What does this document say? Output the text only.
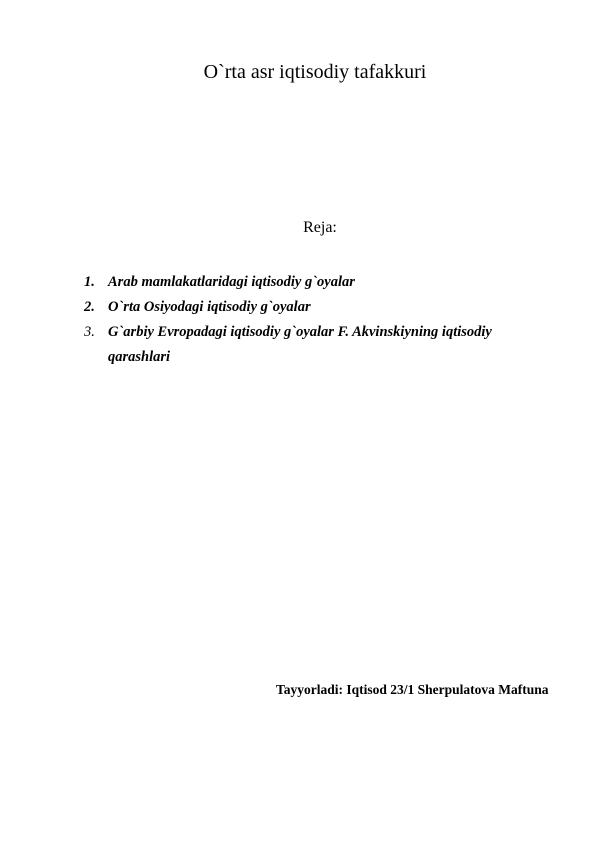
O`rta asr iqtisodiy tafakkuri
Reja:
1. Arab mamlakatlaridagi iqtisodiy g`oyalar
2. O`rta Osiyodagi iqtisodiy g`oyalar
3. G`arbiy Evropadagi iqtisodiy g`oyalar F. Akvinskiyning iqtisodiy qarashlari
Tayyorladi: Iqtisod 23/1 Sherpulatova Maftuna
